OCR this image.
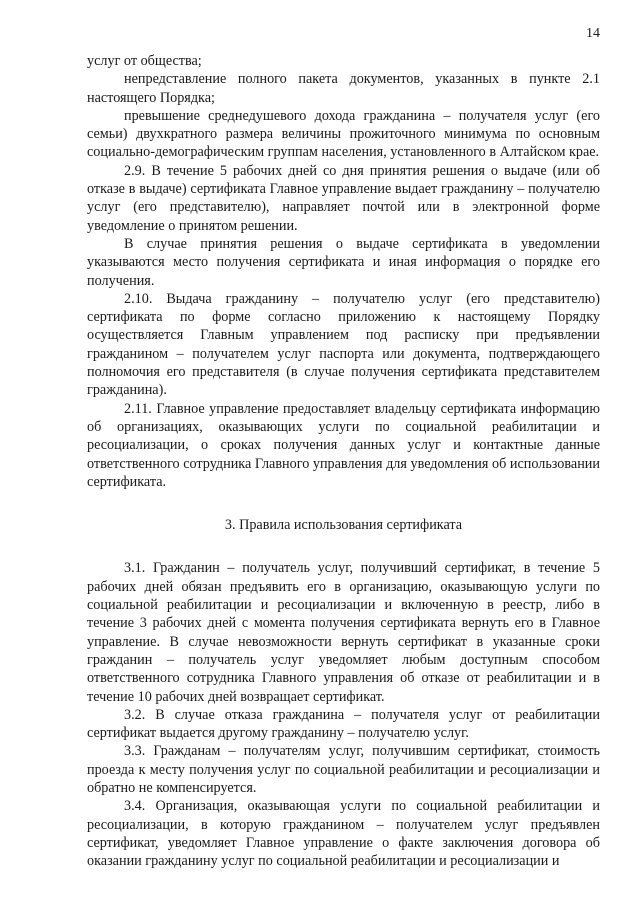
14

услуг от общества;

непредставление полного пакета документов, указанных в пункте 2.1 настоящего Порядка;

превышение среднедушевого дохода гражданина – получателя услуг (его семьи) двухкратного размера величины прожиточного минимума по основным социально-демографическим группам населения, установленного в Алтайском крае.

2.9. В течение 5 рабочих дней со дня принятия решения о выдаче (или об отказе в выдаче) сертификата Главное управление выдает гражданину – получателю услуг (его представителю), направляет почтой или в электронной форме уведомление о принятом решении.

В случае принятия решения о выдаче сертификата в уведомлении указываются место получения сертификата и иная информация о порядке его получения.

2.10. Выдача гражданину – получателю услуг (его представителю) сертификата по форме согласно приложению к настоящему Порядку осуществляется Главным управлением под расписку при предъявлении гражданином – получателем услуг паспорта или документа, подтверждающего полномочия его представителя (в случае получения сертификата представителем гражданина).

2.11. Главное управление предоставляет владельцу сертификата информацию об организациях, оказывающих услуги по социальной реабилитации и ресоциализации, о сроках получения данных услуг и контактные данные ответственного сотрудника Главного управления для уведомления об использовании сертификата.

3. Правила использования сертификата

3.1. Гражданин – получатель услуг, получивший сертификат, в течение 5 рабочих дней обязан предъявить его в организацию, оказывающую услуги по социальной реабилитации и ресоциализации и включенную в реестр, либо в течение 3 рабочих дней с момента получения сертификата вернуть его в Главное управление. В случае невозможности вернуть сертификат в указанные сроки гражданин – получатель услуг уведомляет любым доступным способом ответственного сотрудника Главного управления об отказе от реабилитации и в течение 10 рабочих дней возвращает сертификат.

3.2. В случае отказа гражданина – получателя услуг от реабилитации сертификат выдается другому гражданину – получателю услуг.

3.3. Гражданам – получателям услуг, получившим сертификат, стоимость проезда к месту получения услуг по социальной реабилитации и ресоциализации и обратно не компенсируется.

3.4. Организация, оказывающая услуги по социальной реабилитации и ресоциализации, в которую гражданином – получателем услуг предъявлен сертификат, уведомляет Главное управление о факте заключения договора об оказании гражданину услуг по социальной реабилитации и ресоциализации и
